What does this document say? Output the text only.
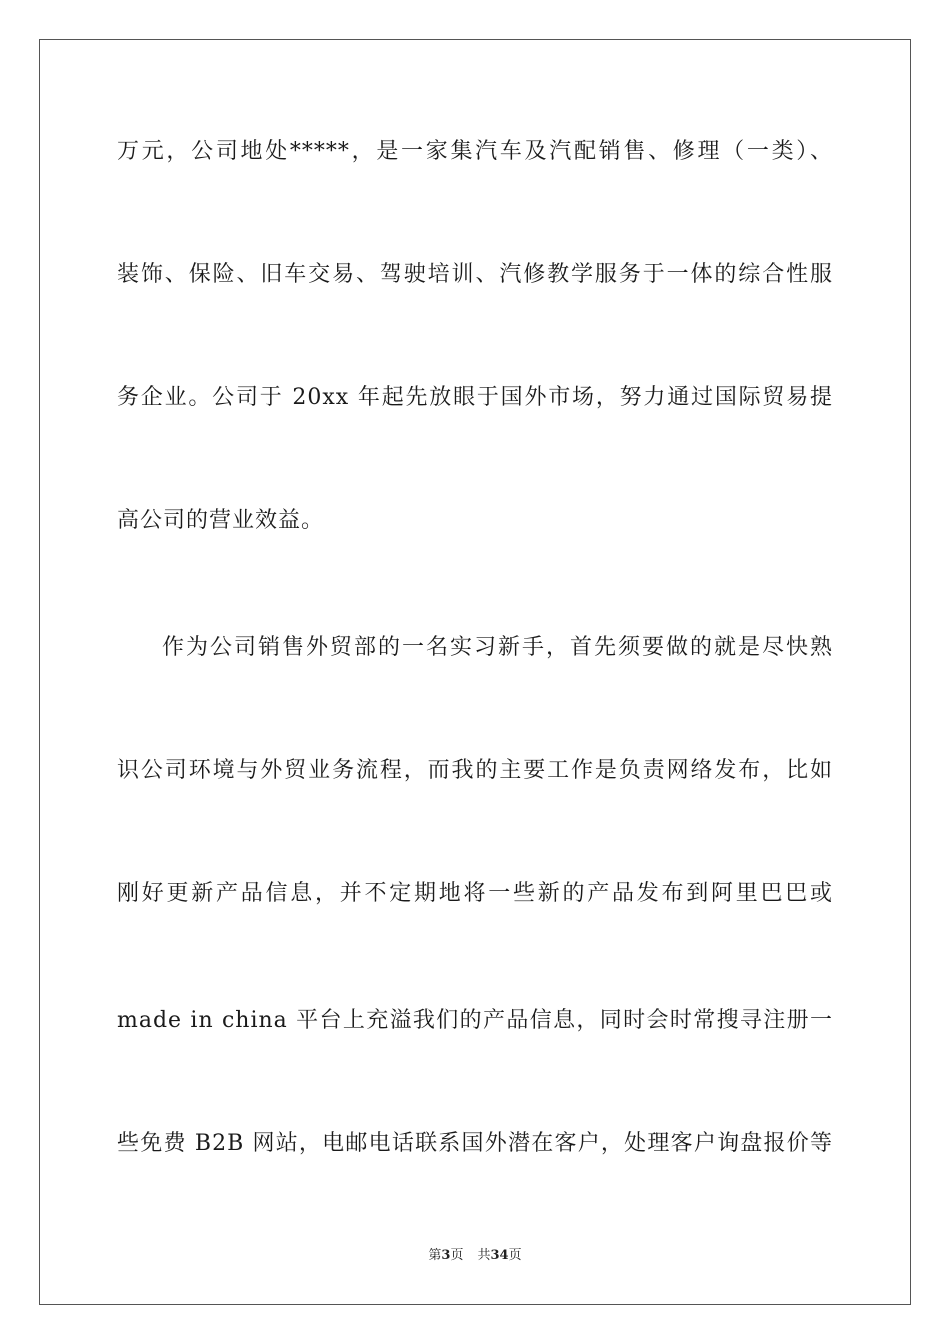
万元，公司地处*****，是一家集汽车及汽配销售、修理（一类）、
装饰、保险、旧车交易、驾驶培训、汽修教学服务于一体的综合性服
务企业。公司于 20xx 年起先放眼于国外市场，努力通过国际贸易提
高公司的营业效益。
作为公司销售外贸部的一名实习新手，首先须要做的就是尽快熟
识公司环境与外贸业务流程，而我的主要工作是负责网络发布，比如
刚好更新产品信息，并不定期地将一些新的产品发布到阿里巴巴或
made in china 平台上充溢我们的产品信息，同时会时常搜寻注册一
些免费 B2B 网站，电邮电话联系国外潜在客户，处理客户询盘报价等
第3页 共34页
